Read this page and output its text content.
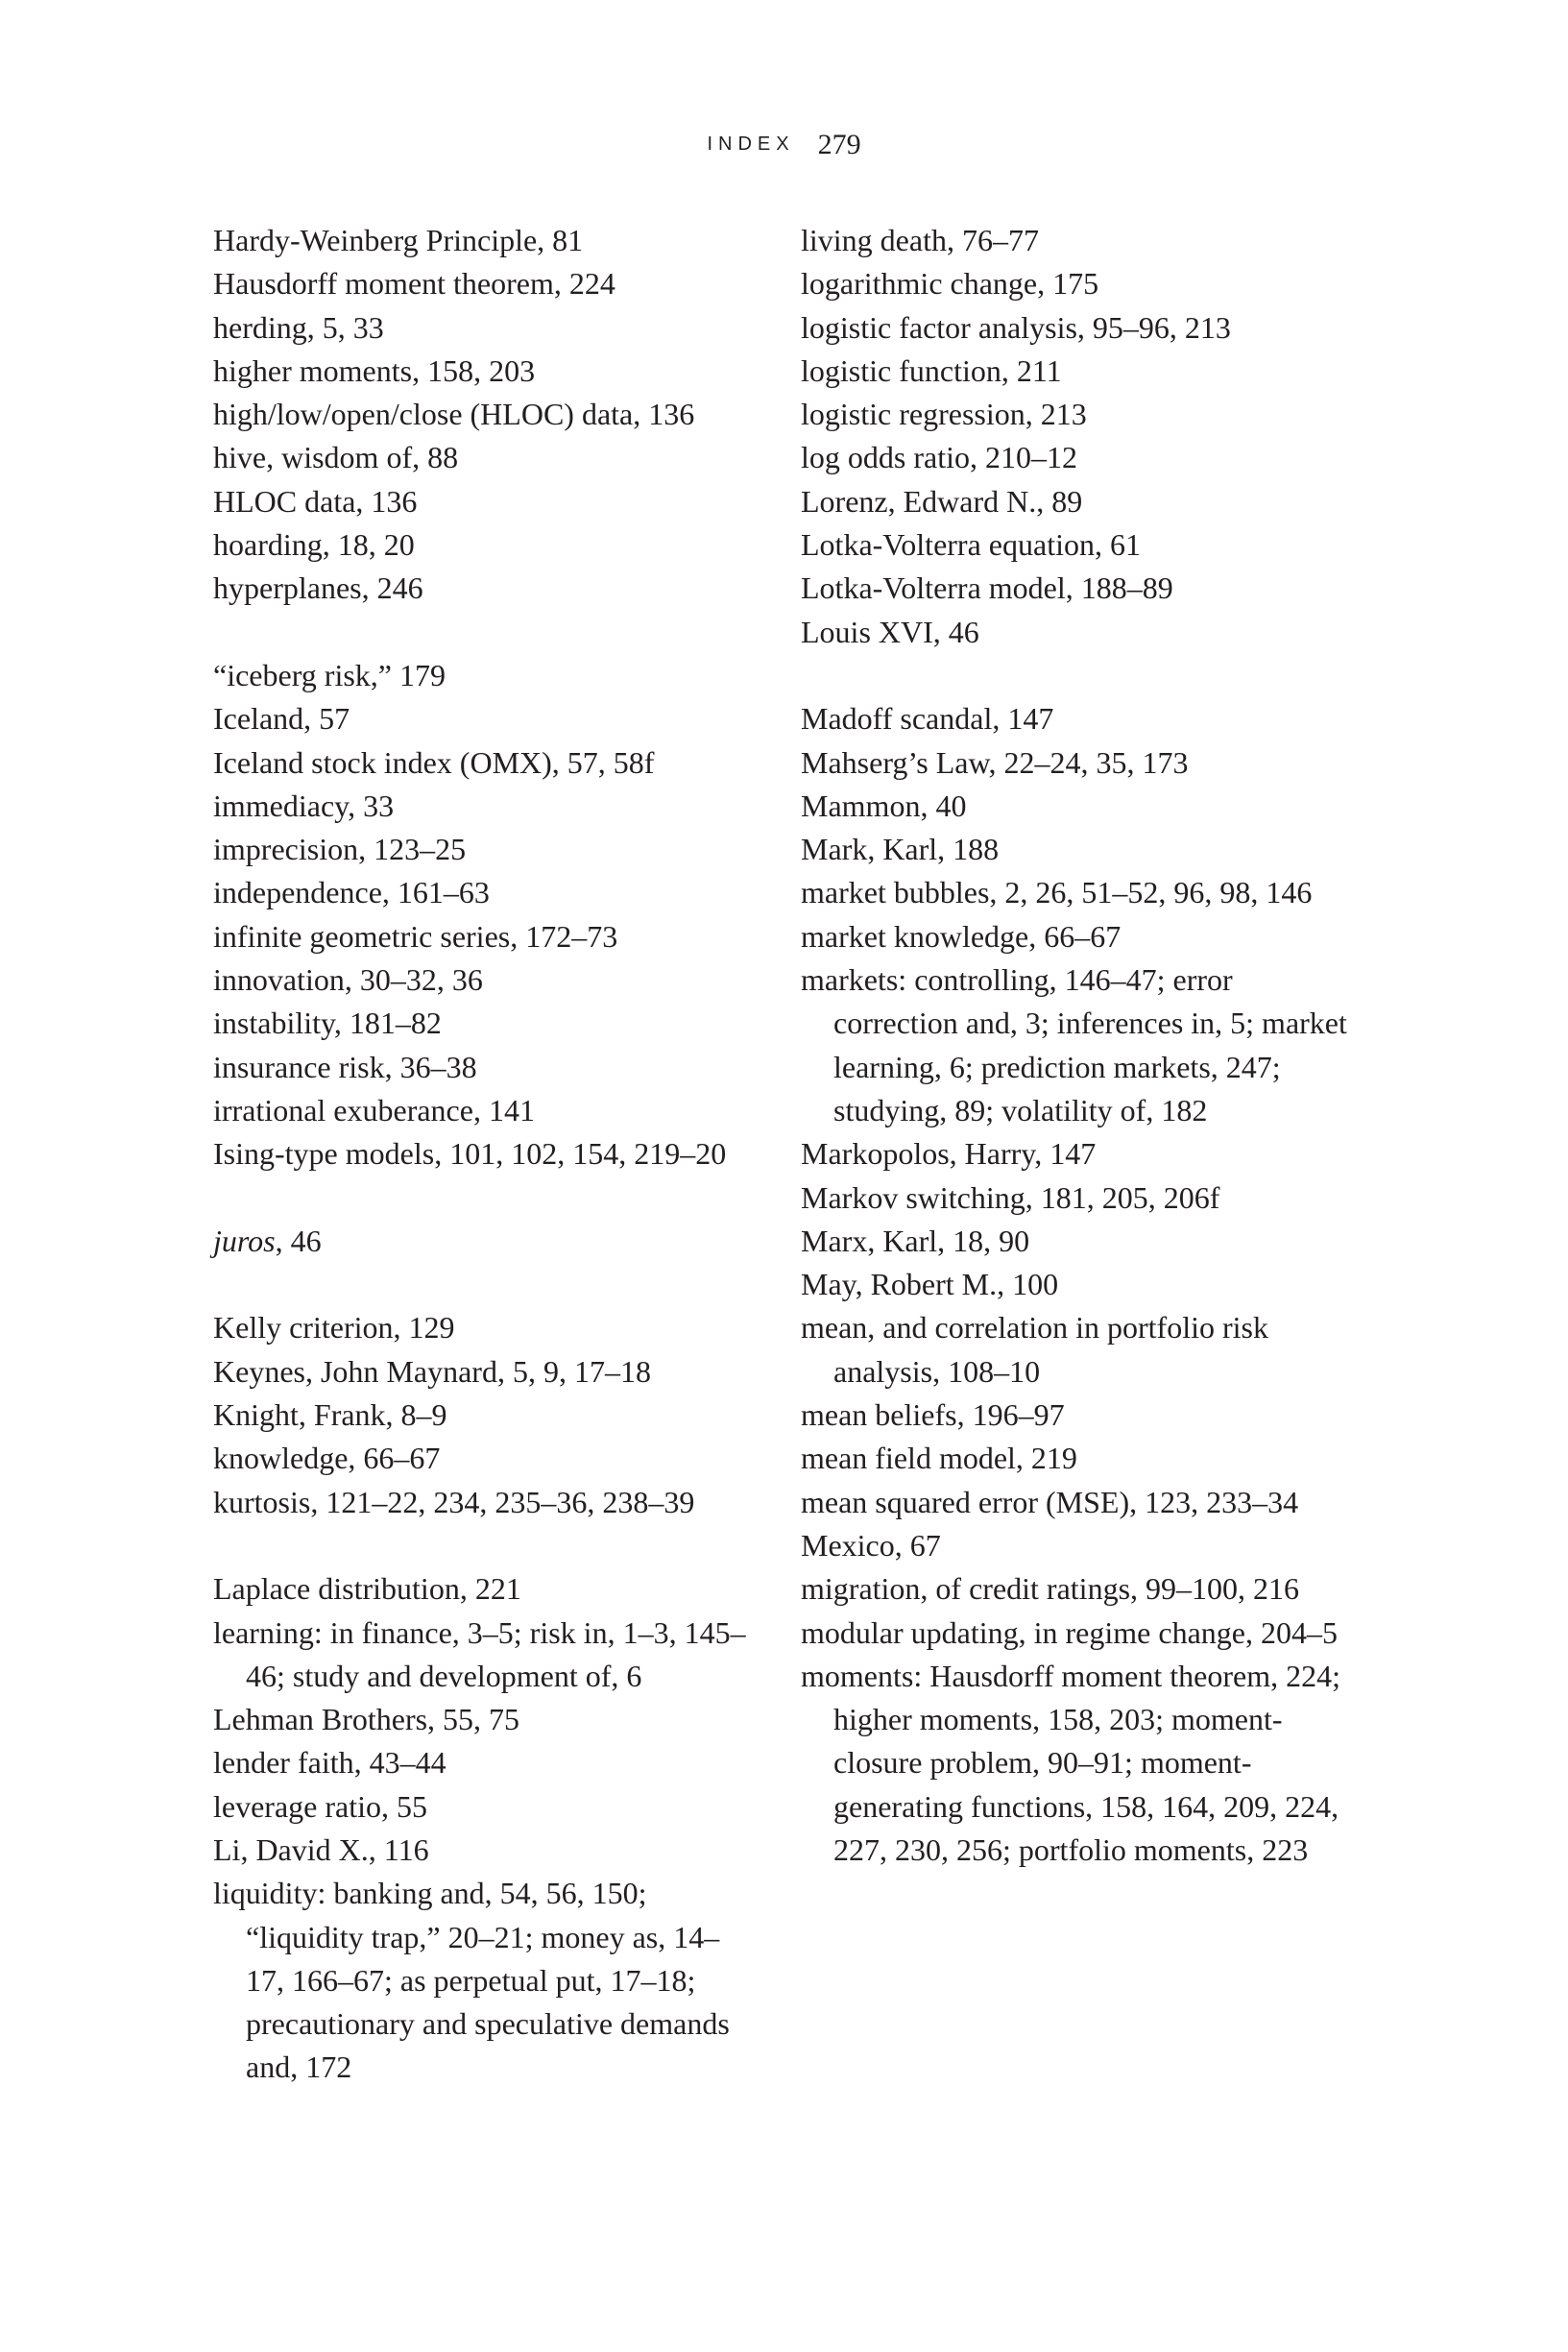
INDEX 279
Hardy-Weinberg Principle, 81
Hausdorff moment theorem, 224
herding, 5, 33
higher moments, 158, 203
high/low/open/close (HLOC) data, 136
hive, wisdom of, 88
HLOC data, 136
hoarding, 18, 20
hyperplanes, 246
“iceberg risk,” 179
Iceland, 57
Iceland stock index (OMX), 57, 58f
immediacy, 33
imprecision, 123–25
independence, 161–63
infinite geometric series, 172–73
innovation, 30–32, 36
instability, 181–82
insurance risk, 36–38
irrational exuberance, 141
Ising-type models, 101, 102, 154, 219–20
juros, 46
Kelly criterion, 129
Keynes, John Maynard, 5, 9, 17–18
Knight, Frank, 8–9
knowledge, 66–67
kurtosis, 121–22, 234, 235–36, 238–39
Laplace distribution, 221
learning: in finance, 3–5; risk in, 1–3, 145–46; study and development of, 6
Lehman Brothers, 55, 75
lender faith, 43–44
leverage ratio, 55
Li, David X., 116
liquidity: banking and, 54, 56, 150; “liquidity trap,” 20–21; money as, 14–17, 166–67; as perpetual put, 17–18; precautionary and speculative demands and, 172
living death, 76–77
logarithmic change, 175
logistic factor analysis, 95–96, 213
logistic function, 211
logistic regression, 213
log odds ratio, 210–12
Lorenz, Edward N., 89
Lotka-Volterra equation, 61
Lotka-Volterra model, 188–89
Louis XVI, 46
Madoff scandal, 147
Mahserg’s Law, 22–24, 35, 173
Mammon, 40
Mark, Karl, 188
market bubbles, 2, 26, 51–52, 96, 98, 146
market knowledge, 66–67
markets: controlling, 146–47; error correction and, 3; inferences in, 5; market learning, 6; prediction markets, 247; studying, 89; volatility of, 182
Markopolos, Harry, 147
Markov switching, 181, 205, 206f
Marx, Karl, 18, 90
May, Robert M., 100
mean, and correlation in portfolio risk analysis, 108–10
mean beliefs, 196–97
mean field model, 219
mean squared error (MSE), 123, 233–34
Mexico, 67
migration, of credit ratings, 99–100, 216
modular updating, in regime change, 204–5
moments: Hausdorff moment theorem, 224; higher moments, 158, 203; moment-closure problem, 90–91; moment-generating functions, 158, 164, 209, 224, 227, 230, 256; portfolio moments, 223
